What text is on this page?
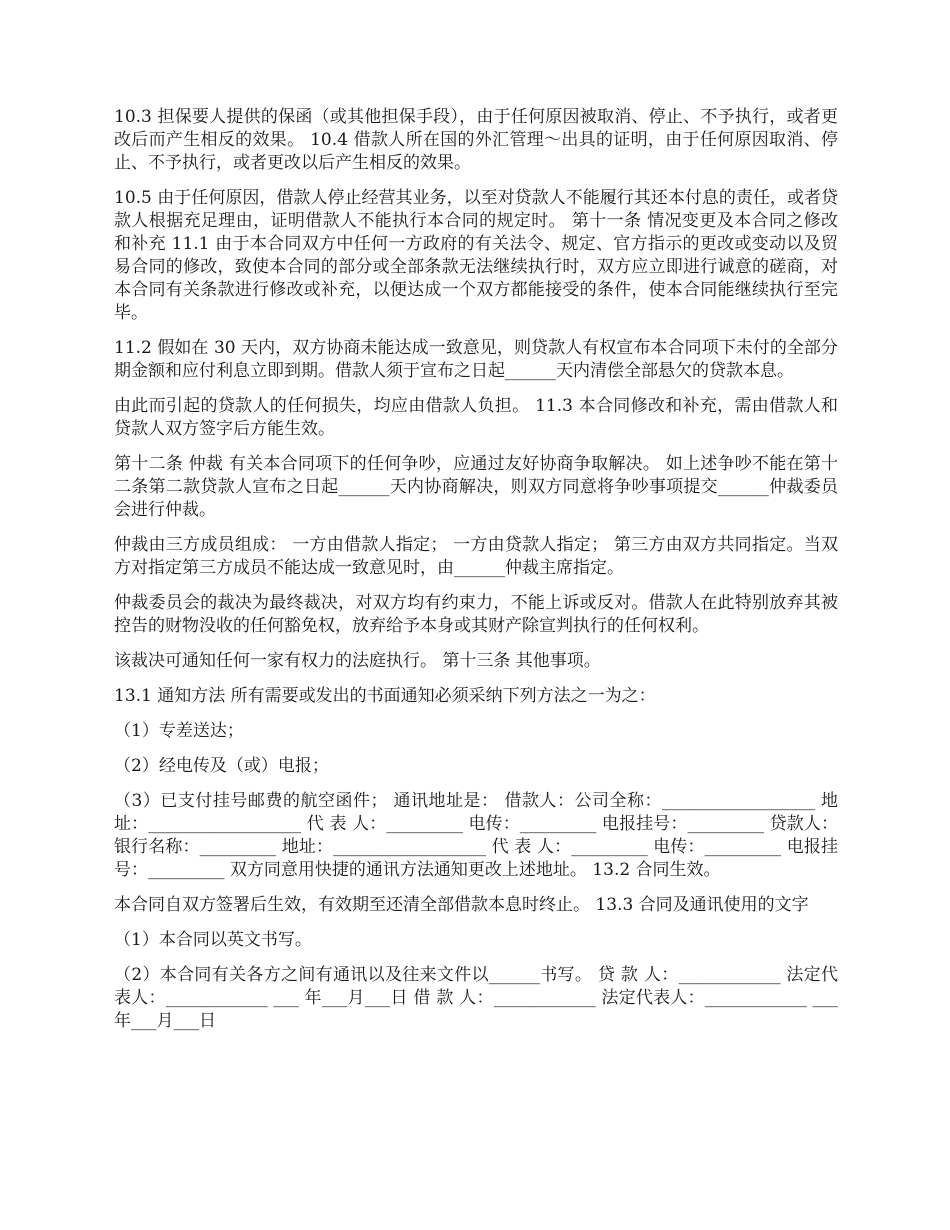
10.3 担保要人提供的保函（或其他担保手段），由于任何原因被取消、停止、不予执行，或者更改后而产生相反的效果。 10.4 借款人所在国的外汇管理～出具的证明，由于任何原因取消、停止、不予执行，或者更改以后产生相反的效果。

10.5 由于任何原因，借款人停止经营其业务，以至对贷款人不能履行其还本付息的责任，或者贷款人根据充足理由，证明借款人不能执行本合同的规定时。 第十一条 情况变更及本合同之修改和补充 11.1 由于本合同双方中任何一方政府的有关法令、规定、官方指示的更改或变动以及贸易合同的修改，致使本合同的部分或全部条款无法继续执行时，双方应立即进行诚意的磋商，对本合同有关条款进行修改或补充，以便达成一个双方都能接受的条件，使本合同能继续执行至完毕。

11.2 假如在 30 天内，双方协商未能达成一致意见，则贷款人有权宣布本合同项下未付的全部分期金额和应付利息立即到期。借款人须于宣布之日起______天内清偿全部悬欠的贷款本息。

由此而引起的贷款人的任何损失，均应由借款人负担。 11.3 本合同修改和补充，需由借款人和贷款人双方签字后方能生效。

第十二条 仲裁 有关本合同项下的任何争吵，应通过友好协商争取解决。 如上述争吵不能在第十二条第二款贷款人宣布之日起______天内协商解决，则双方同意将争吵事项提交______仲裁委员会进行仲裁。

仲裁由三方成员组成： 一方由借款人指定； 一方由贷款人指定； 第三方由双方共同指定。当双方对指定第三方成员不能达成一致意见时，由______仲裁主席指定。

仲裁委员会的裁决为最终裁决，对双方均有约束力，不能上诉或反对。借款人在此特别放弃其被控告的财物没收的任何豁免权，放弃给予本身或其财产除宣判执行的任何权利。

该裁决可通知任何一家有权力的法庭执行。 第十三条 其他事项。

13.1 通知方法 所有需要或发出的书面通知必须采纳下列方法之一为之：

（1）专差送达；

（2）经电传及（或）电报；

（3）已支付挂号邮费的航空函件； 通讯地址是： 借款人：公司全称：__________________ 地址：__________________ 代 表 人：_________ 电传：_________ 电报挂号：_________ 贷款人：银行名称：_________ 地址：__________________ 代 表 人：_________ 电传：_________ 电报挂号：_________ 双方同意用快捷的通讯方法通知更改上述地址。 13.2 合同生效。

本合同自双方签署后生效，有效期至还清全部借款本息时终止。 13.3 合同及通讯使用的文字

（1）本合同以英文书写。

（2）本合同有关各方之间有通讯以及往来文件以______书写。 贷 款 人：____________ 法定代表人：____________ ___ 年___月___日 借 款 人：____________ 法定代表人：____________ ___ 年___月___日
